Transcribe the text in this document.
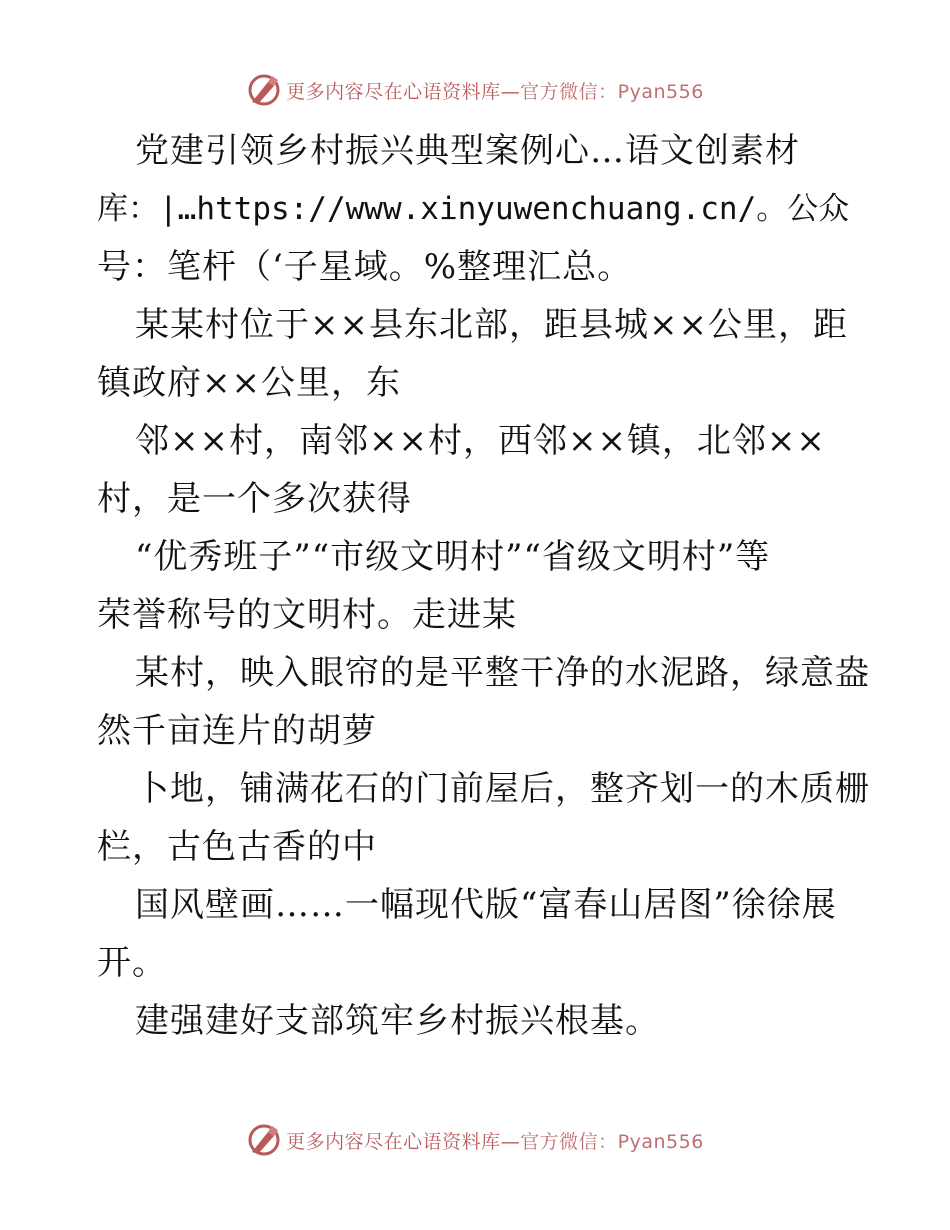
更多内容尽在心语资料库—官方微信：Pyan556
党建引领乡村振兴典型案例心…语文创素材
库：|…https://www.xinyuwenchuang.cn/。公众
号：笔杆（‘子星域。%整理汇总。
某某村位于××县东北部，距县城××公里，距
镇政府××公里，东
邻××村，南邻××村，西邻××镇，北邻××
村，是一个多次获得
“优秀班子”“市级文明村”“省级文明村”等
荣誉称号的文明村。走进某
某村，映入眼帘的是平整干净的水泥路，绿意盎
然千亩连片的胡萝
卜地，铺满花石的门前屋后，整齐划一的木质栅
栏，古色古香的中
国风壁画……一幅现代版“富春山居图”徐徐展
开。
建强建好支部筑牢乡村振兴根基。
更多内容尽在心语资料库—官方微信：Pyan556
